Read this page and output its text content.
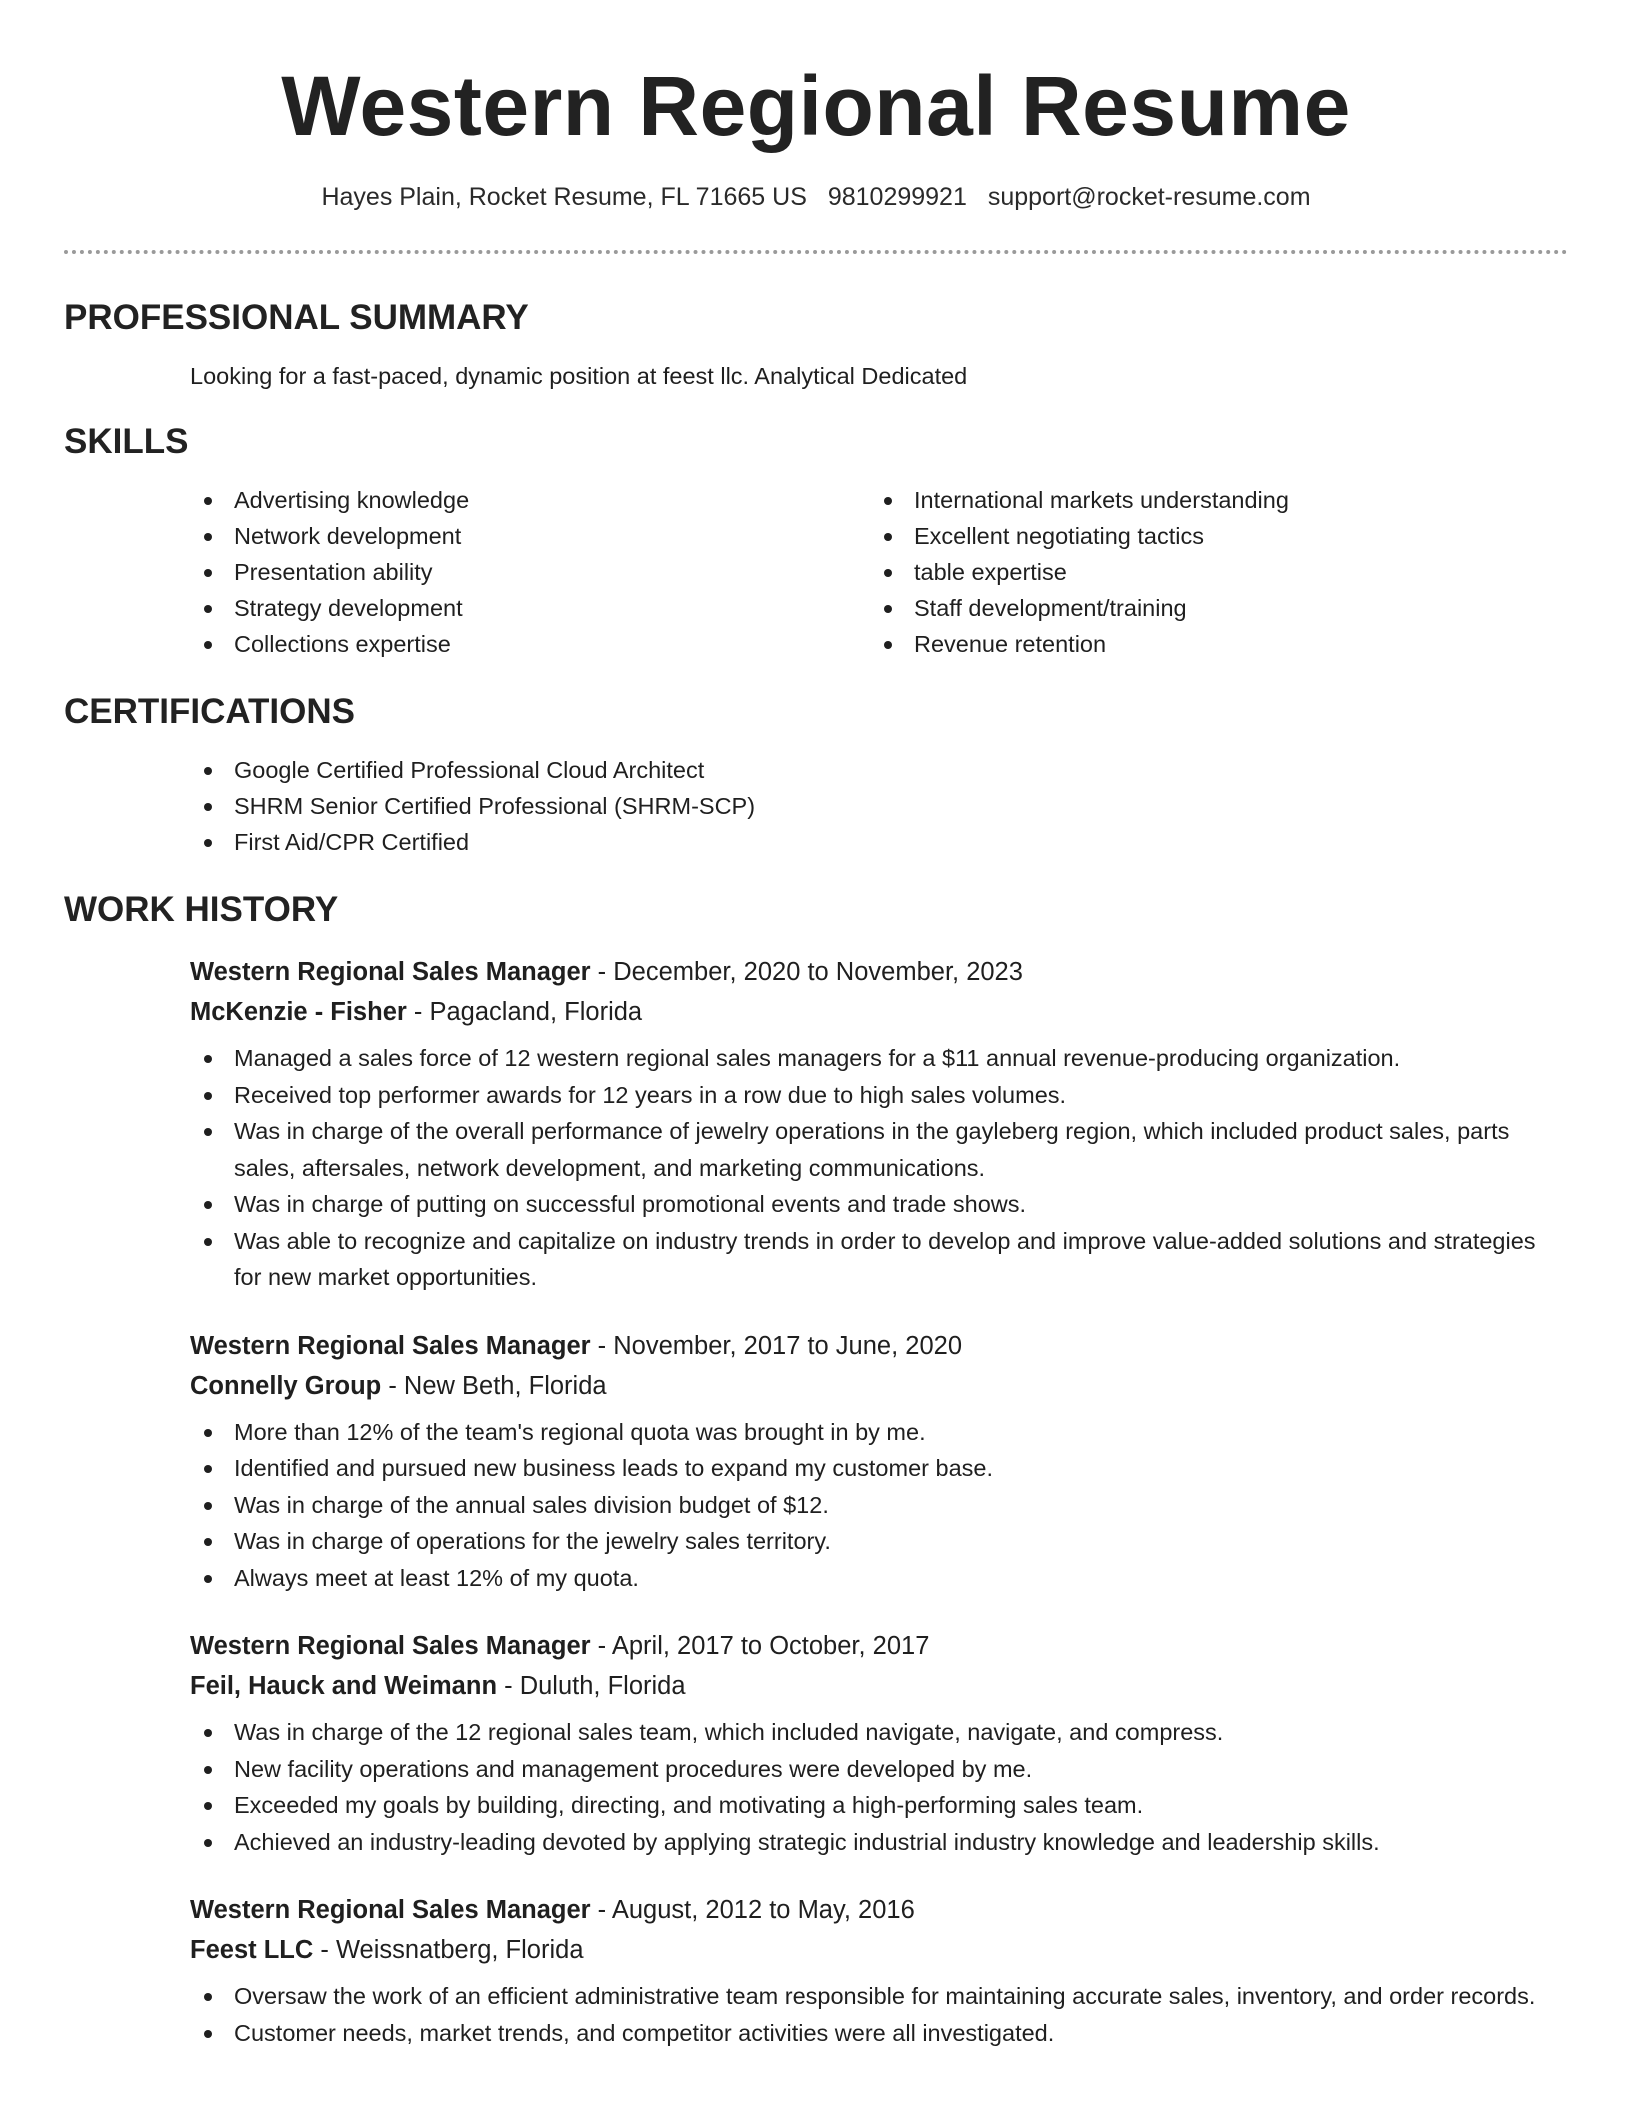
Western Regional Resume
Hayes Plain, Rocket Resume, FL 71665 US 9810299921 support@rocket-resume.com
PROFESSIONAL SUMMARY
Looking for a fast-paced, dynamic position at feest llc. Analytical Dedicated
SKILLS
Advertising knowledge
Network development
Presentation ability
Strategy development
Collections expertise
International markets understanding
Excellent negotiating tactics
table expertise
Staff development/training
Revenue retention
CERTIFICATIONS
Google Certified Professional Cloud Architect
SHRM Senior Certified Professional (SHRM-SCP)
First Aid/CPR Certified
WORK HISTORY
Western Regional Sales Manager - December, 2020 to November, 2023
McKenzie - Fisher - Pagacland, Florida
Managed a sales force of 12 western regional sales managers for a $11 annual revenue-producing organization.
Received top performer awards for 12 years in a row due to high sales volumes.
Was in charge of the overall performance of jewelry operations in the gayleberg region, which included product sales, parts sales, aftersales, network development, and marketing communications.
Was in charge of putting on successful promotional events and trade shows.
Was able to recognize and capitalize on industry trends in order to develop and improve value-added solutions and strategies for new market opportunities.
Western Regional Sales Manager - November, 2017 to June, 2020
Connelly Group - New Beth, Florida
More than 12% of the team's regional quota was brought in by me.
Identified and pursued new business leads to expand my customer base.
Was in charge of the annual sales division budget of $12.
Was in charge of operations for the jewelry sales territory.
Always meet at least 12% of my quota.
Western Regional Sales Manager - April, 2017 to October, 2017
Feil, Hauck and Weimann - Duluth, Florida
Was in charge of the 12 regional sales team, which included navigate, navigate, and compress.
New facility operations and management procedures were developed by me.
Exceeded my goals by building, directing, and motivating a high-performing sales team.
Achieved an industry-leading devoted by applying strategic industrial industry knowledge and leadership skills.
Western Regional Sales Manager - August, 2012 to May, 2016
Feest LLC - Weissnatberg, Florida
Oversaw the work of an efficient administrative team responsible for maintaining accurate sales, inventory, and order records.
Customer needs, market trends, and competitor activities were all investigated.
